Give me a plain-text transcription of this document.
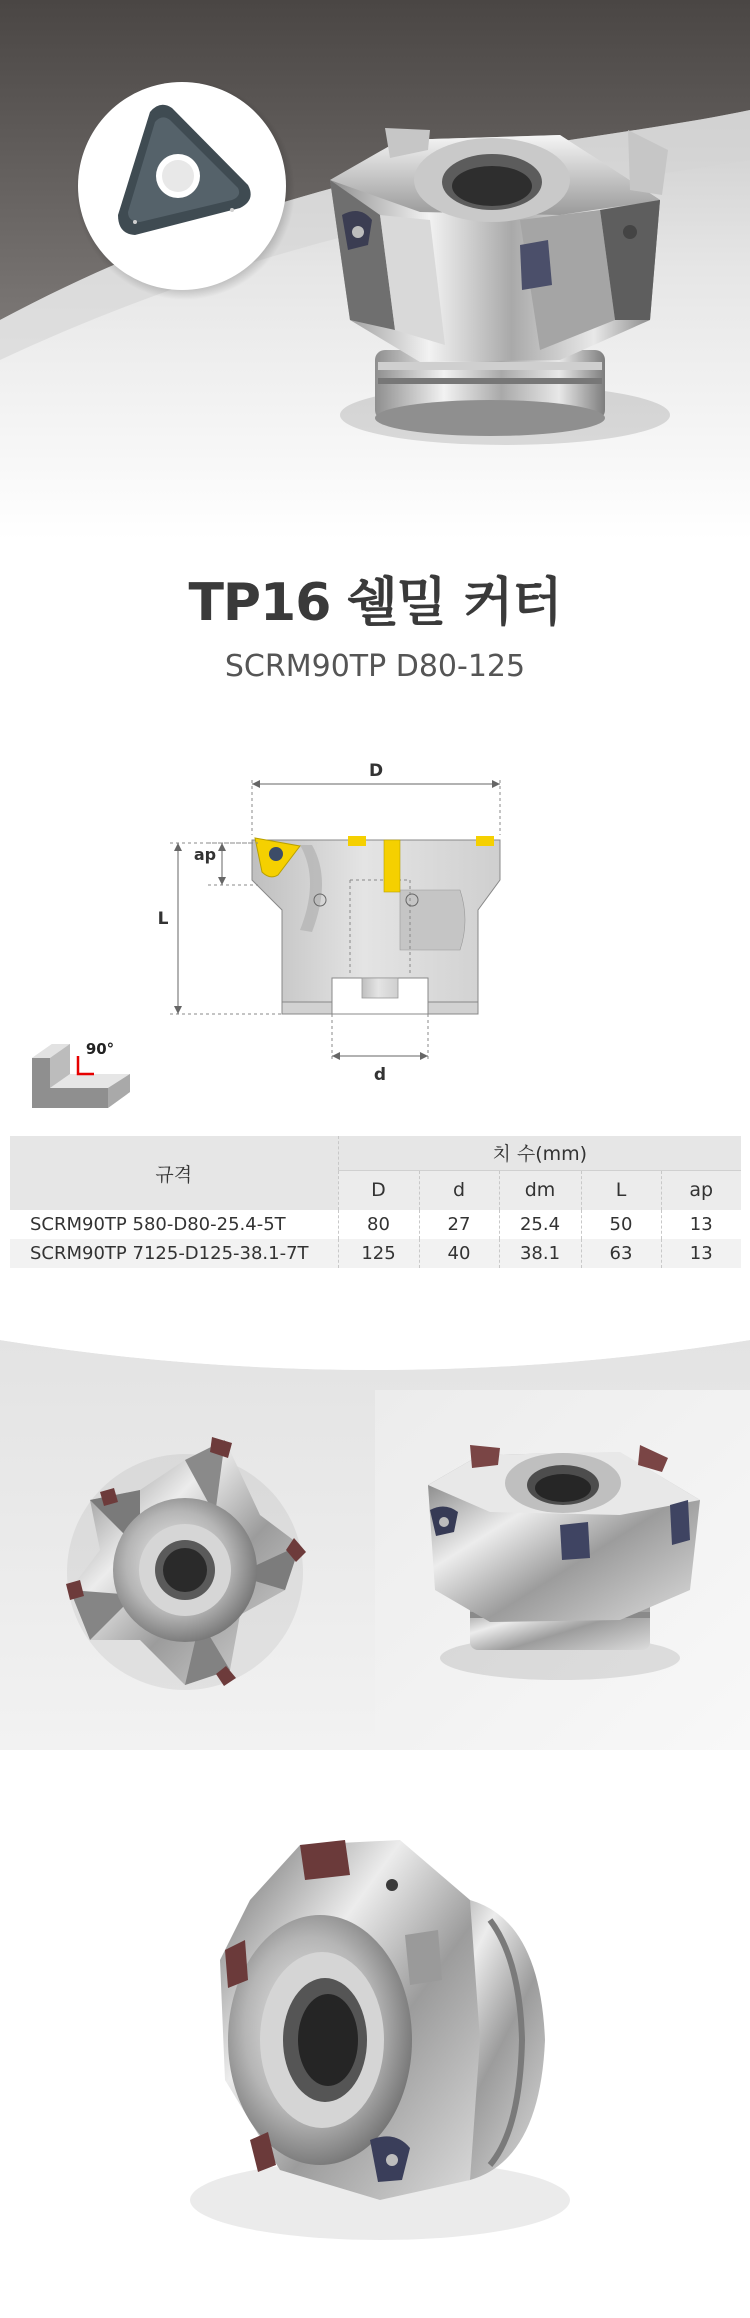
TP16 쉘밀 커터
SCRM90TP D80-125
D
ap
L
d
90°
규격	치 수(mm)				
	D	d	dm	L	ap
SCRM90TP 580-D80-25.4-5T	80	27	25.4	50	13
SCRM90TP 7125-D125-38.1-7T	125	40	38.1	63	13
